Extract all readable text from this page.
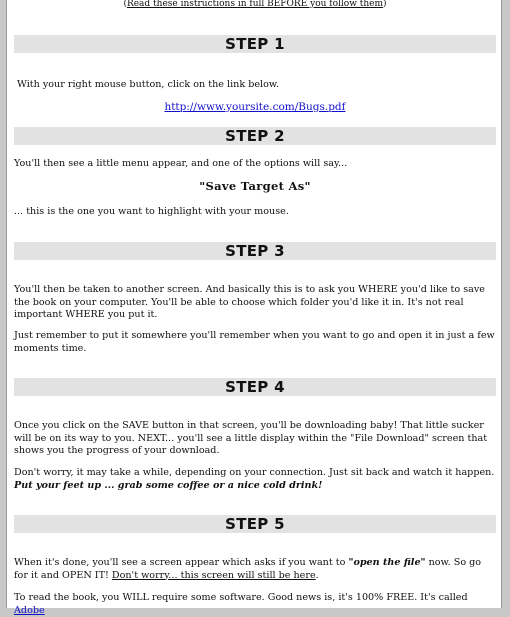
(Read these instructions in full BEFORE you follow them)

STEP 1

With your right mouse button, click on the link below.

http://www.yoursite.com/Bugs.pdf

STEP 2

You'll then see a little menu appear, and one of the options will say...

"Save Target As"

... this is the one you want to highlight with your mouse.

STEP 3

You'll then be taken to another screen. And basically this is to ask you WHERE you'd like to save the book on your computer. You'll be able to choose which folder you'd like it in. It's not real important WHERE you put it.

Just remember to put it somewhere you'll remember when you want to go and open it in just a few moments time.

STEP 4

Once you click on the SAVE button in that screen, you'll be downloading baby! That little sucker will be on its way to you. NEXT... you'll see a little display within the "File Download" screen that shows you the progress of your download.

Don't worry, it may take a while, depending on your connection. Just sit back and watch it happen. Put your feet up ... grab some coffee or a nice cold drink!

STEP 5

When it's done, you'll see a screen appear which asks if you want to "open the file" now. So go for it and OPEN IT! Don't worry... this screen will still be here.

To read the book, you WILL require some software. Good news is, it's 100% FREE. It's called Adobe
